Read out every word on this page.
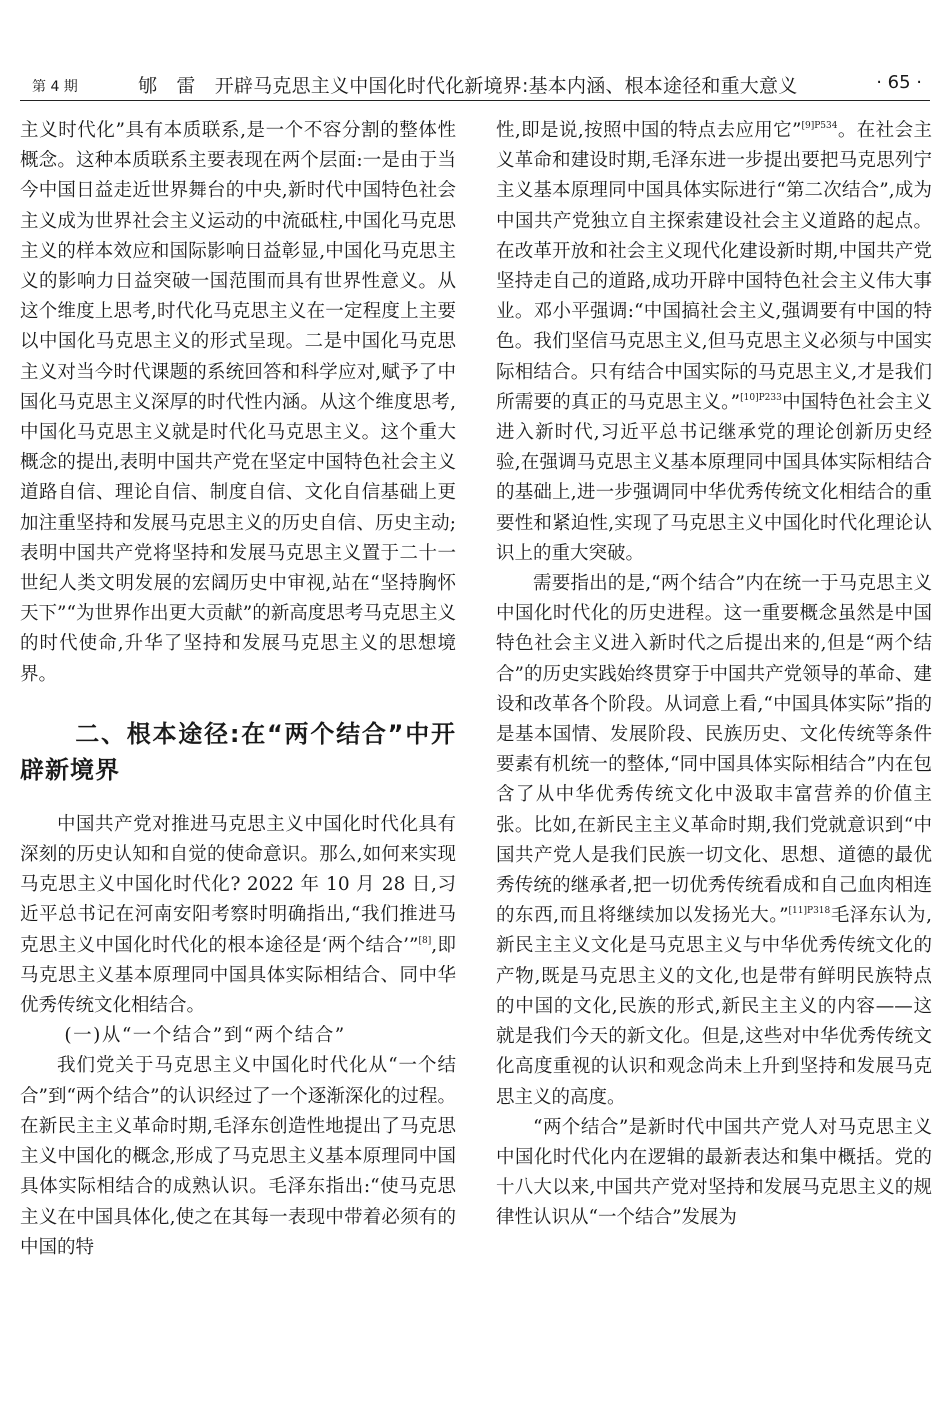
第 4 期	郇　雷　开辟马克思主义中国化时代化新境界:基本内涵、根本途径和重大意义	· 65 ·

主义时代化”具有本质联系,是一个不容分割的整体性概念。这种本质联系主要表现在两个层面:一是由于当今中国日益走近世界舞台的中央,新时代中国特色社会主义成为世界社会主义运动的中流砥柱,中国化马克思主义的样本效应和国际影响日益彰显,中国化马克思主义的影响力日益突破一国范围而具有世界性意义。从这个维度上思考,时代化马克思主义在一定程度上主要以中国化马克思主义的形式呈现。二是中国化马克思主义对当今时代课题的系统回答和科学应对,赋予了中国化马克思主义深厚的时代性内涵。从这个维度思考,中国化马克思主义就是时代化马克思主义。这个重大概念的提出,表明中国共产党在坚定中国特色社会主义道路自信、理论自信、制度自信、文化自信基础上更加注重坚持和发展马克思主义的历史自信、历史主动;表明中国共产党将坚持和发展马克思主义置于二十一世纪人类文明发展的宏阔历史中审视,站在“坚持胸怀天下”“为世界作出更大贡献”的新高度思考马克思主义的时代使命,升华了坚持和发展马克思主义的思想境界。

二、根本途径:在“两个结合”中开辟新境界

中国共产党对推进马克思主义中国化时代化具有深刻的历史认知和自觉的使命意识。那么,如何来实现马克思主义中国化时代化? 2022 年 10 月 28 日,习近平总书记在河南安阳考察时明确指出,“我们推进马克思主义中国化时代化的根本途径是‘两个结合’”[8],即马克思主义基本原理同中国具体实际相结合、同中华优秀传统文化相结合。

(一)从“一个结合”到“两个结合”

我们党关于马克思主义中国化时代化从“一个结合”到“两个结合”的认识经过了一个逐渐深化的过程。在新民主主义革命时期,毛泽东创造性地提出了马克思主义中国化的概念,形成了马克思主义基本原理同中国具体实际相结合的成熟认识。毛泽东指出:“使马克思主义在中国具体化,使之在其每一表现中带着必须有的中国的特

性,即是说,按照中国的特点去应用它”$^{[9]P534}$。在社会主义革命和建设时期,毛泽东进一步提出要把马克思列宁主义基本原理同中国具体实际进行“第二次结合”,成为中国共产党独立自主探索建设社会主义道路的起点。在改革开放和社会主义现代化建设新时期,中国共产党坚持走自己的道路,成功开辟中国特色社会主义伟大事业。邓小平强调:“中国搞社会主义,强调要有中国的特色。我们坚信马克思主义,但马克思主义必须与中国实际相结合。只有结合中国实际的马克思主义,才是我们所需要的真正的马克思主义。”$^{[10]P233}$中国特色社会主义进入新时代,习近平总书记继承党的理论创新历史经验,在强调马克思主义基本原理同中国具体实际相结合的基础上,进一步强调同中华优秀传统文化相结合的重要性和紧迫性,实现了马克思主义中国化时代化理论认识上的重大突破。

需要指出的是,“两个结合”内在统一于马克思主义中国化时代化的历史进程。这一重要概念虽然是中国特色社会主义进入新时代之后提出来的,但是“两个结合”的历史实践始终贯穿于中国共产党领导的革命、建设和改革各个阶段。从词意上看,“中国具体实际”指的是基本国情、发展阶段、民族历史、文化传统等条件要素有机统一的整体,“同中国具体实际相结合”内在包含了从中华优秀传统文化中汲取丰富营养的价值主张。比如,在新民主主义革命时期,我们党就意识到“中国共产党人是我们民族一切文化、思想、道德的最优秀传统的继承者,把一切优秀传统看成和自己血肉相连的东西,而且将继续加以发扬光大。”$^{[11]P318}$毛泽东认为,新民主主义文化是马克思主义与中华优秀传统文化的产物,既是马克思主义的文化,也是带有鲜明民族特点的中国的文化,民族的形式,新民主主义的内容——这就是我们今天的新文化。但是,这些对中华优秀传统文化高度重视的认识和观念尚未上升到坚持和发展马克思主义的高度。

“两个结合”是新时代中国共产党人对马克思主义中国化时代化内在逻辑的最新表达和集中概括。党的十八大以来,中国共产党对坚持和发展马克思主义的规律性认识从“一个结合”发展为
